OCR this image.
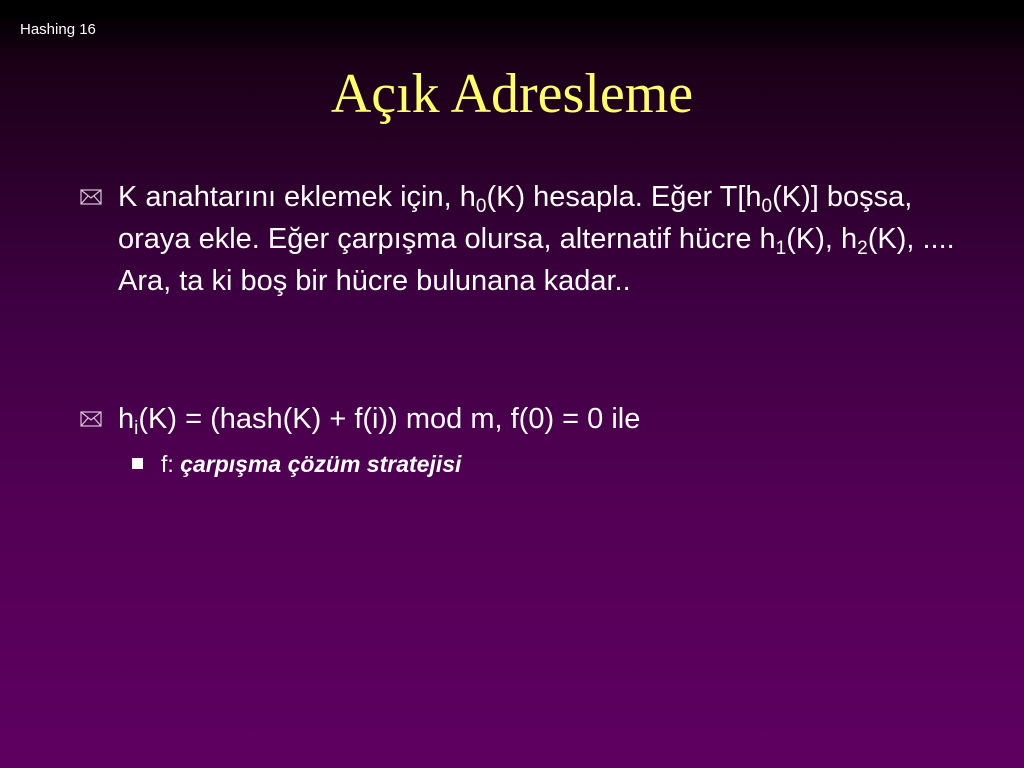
Hashing 16
Açık Adresleme
K anahtarını eklemek için, $h_0(K)$ hesapla. Eğer $T[h_0(K)]$ boşsa, oraya ekle. Eğer çarpışma olursa, alternatif hücre $h_1(K)$, $h_2(K)$, .... Ara, ta ki boş bir hücre bulunana kadar..
$h_i(K)$ = (hash(K) + f(i)) mod m, f(0) = 0 ile
f: çarpışma çözüm stratejisi
